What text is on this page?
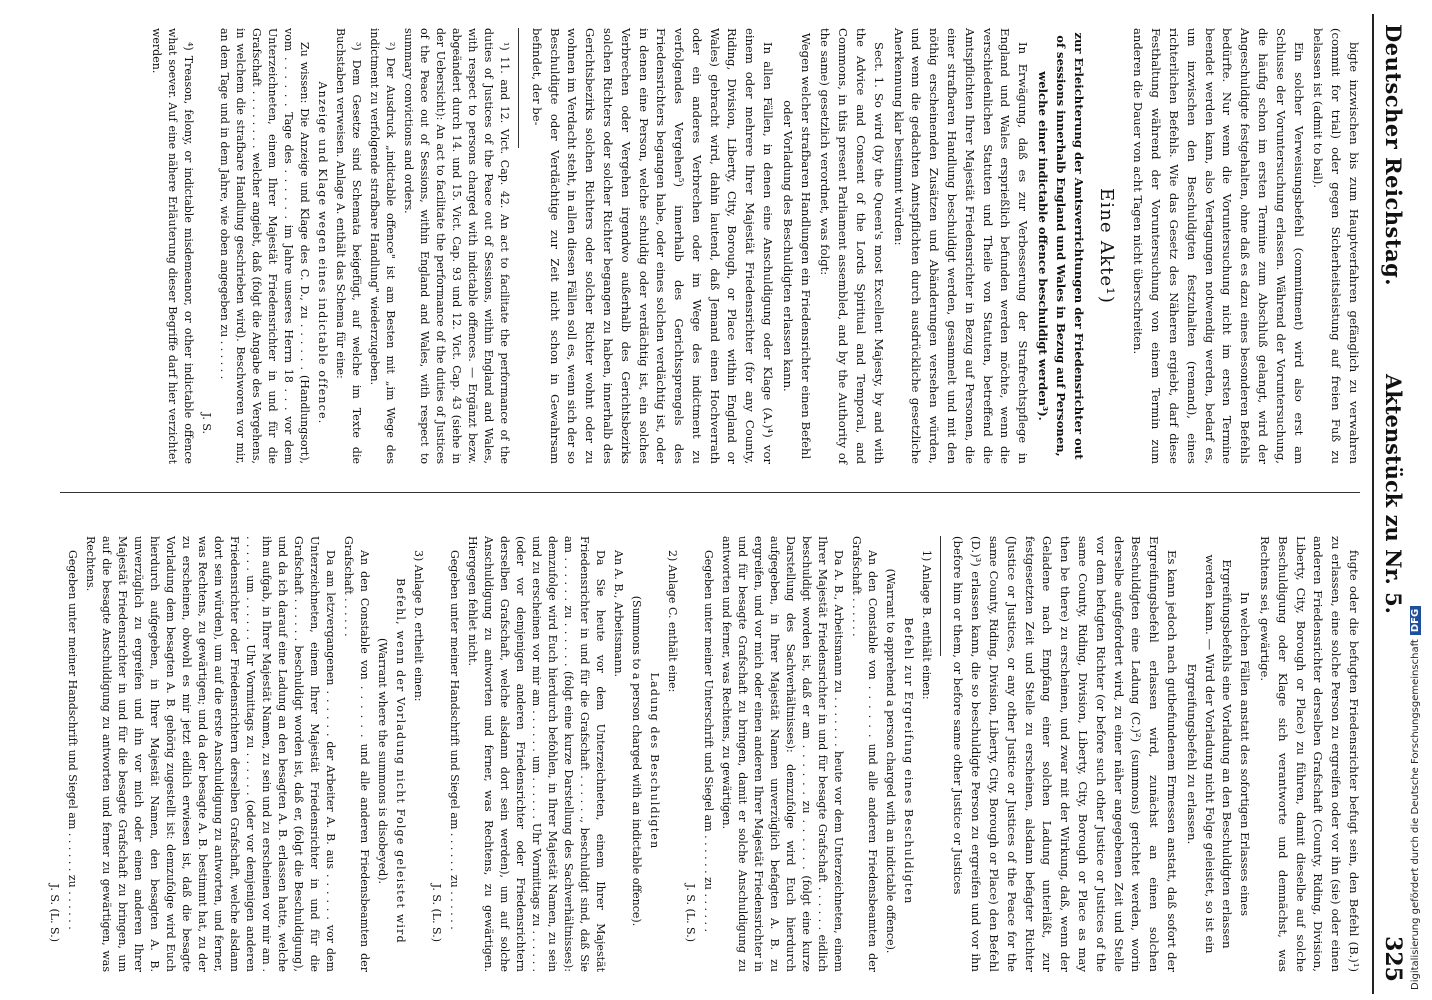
Deutscher Reichstag.
Aktenstück zu Nr. 5.
325

bigte inzwischen bis zum Hauptverfahren gefänglich zu verwahren (commit for trial) oder gegen Sicherheitsleistung auf freien Fuß zu belassen ist (admit to bail).

Ein solcher Verweisungsbefehl (commitment) wird also erst am Schlusse der Voruntersuchung erlassen. Während der Voruntersuchung, die häufig schon im ersten Termine zum Abschluß gelangt, wird der Angeschuldigte festgehalten, ohne daß es dazu eines besonderen Befehls bedürfte. Nur wenn die Voruntersuchung nicht im ersten Termine beendet werden kann, also Vertagungen notwendig werden, bedarf es, um inzwischen den Beschuldigten festzuhalten (remand), eines richterlichen Befehls. Wie das Gesetz des Näheren ergiebt, darf diese Festhaltung während der Voruntersuchung von einem Termin zum anderen die Dauer von acht Tagen nicht überschreiten.

Eine Akte¹)

zur Erleichterung der Amtsverrichtungen der Friedensrichter out of sessions innerhalb England und Wales in Bezug auf Personen, welche einer indictable offence beschuldigt werden³).

In Erwägung, daß es zur Verbesserung der Strafrechtspflege in England und Wales ersprießlich befunden werden möchte, wenn die verschiedenlichen Statuten und Theile von Statuten, betreffend die Amtspflichten Ihrer Majestät Friedensrichter in Bezug auf Personen, die einer strafbaren Handlung beschuldigt werden, gesammelt und mit den nöthig erscheinenden Zusätzen und Abänderungen versehen würden, und wenn die gedachten Amtspflichten durch ausdrückliche gesetzliche Anerkennung klar bestimmt würden:

Sect. 1. So wird (by the Queen's most Excellent Majesty, by and with the Advice and Consent of the Lords Spiritual and Temporal, and Commons, in this present Parliament assembled, and by the Authority of the same) gesetzlich verordnet, was folgt:

Wegen welcher strafbaren Handlungen ein Friedensrichter einen Befehl oder Vorladung des Beschuldigten erlassen kann.

In allen Fällen, in denen eine Anschuldigung oder Klage (A.)⁴) vor einem oder mehrere Ihrer Majestät Friedensrichter (for any County, Riding, Division, Liberty, City, Borough, or Place within England or Wales) gebracht wird, dahin lautend, daß Jemand einen Hochverrath oder ein anderes Verbrechen oder im Wege des indictment zu verfolgendes Vergehen⁵) innerhalb des Gerichtssprengels des Friedensrichters begangen habe, oder eines solchen verdächtig ist, oder in denen eine Person, welche schuldig oder verdächtig ist, ein solches Verbrechen oder Vergehen irgendwo außerhalb des Gerichtsbezirks solchen Richters oder solcher Richter begangen zu haben, innerhalb des Gerichtsbezirks solchen Richters oder solcher Richter wohnt oder zu wohnen im Verdacht steht, in allen diesen Fällen soll es, wenn sich der so Beschuldigte oder Verdächtige zur Zeit nicht schon in Gewahrsam befindet, der be-

¹) 11. and 12. Vict. Cap. 42. An act to facilitate the performance of the duties of Justices of the Peace out of Sessions, within England and Wales, with respect to persons charged with indictable offences. — Ergänzt bezw. abgeändert durch 14. und 15. Vict. Cap. 93 und 12. Vict. Cap. 43 (siehe in der Uebersicht): An act to facilitate the performance of the duties of Justices of the Peace out of Sessions, within England and Wales, with respect to summary convictions and orders.

²) Der Ausdruck „indictable offence" ist am Besten mit „im Wege des indictment zu verfolgende strafbare Handlung" wiederzugeben.

³) Dem Gesetze sind Schemata beigefügt, auf welche im Texte die Buchstaben verweisen. Anlage A. enthält das Schema für eine:

Anzeige und Klage wegen eines indictable offence.

Zu wissen: Die Anzeige und Klage des C. D., zu . . . . . . (Handlungsort), vom . . . . . . Tage des . . . . . . im Jahre unseres Herrn 18 . . . vor dem Unterzeichneten, einem Ihrer Majestät Friedensrichter in und für die Grafschaft . . . . . . . . welcher angiebt, daß (folgt die Angabe des Vergehens, in welchem die strafbare Handlung geschrieben wird). Beschworen vor mir, an dem Tage und in dem Jahre, wie oben angegeben zu . . . . . .

J. S.

⁴) Treason, felony, or indictable misdemeanor, or other indictable offence what soever. Auf eine nähere Erläuterung dieser Begriffe darf hier verzichtet werden.

fugte oder die befugten Friedensrichter befugt sein, den Befehl (B.)¹) zu erlassen, eine solche Person zu ergreifen oder vor ihn (sie) oder einen anderen Friedensrichter derselben Grafschaft (County, Riding, Division, Liberty, City, Borough or Place) zu führen, damit dieselbe auf solche Beschuldigung oder Klage sich verantworte und demnächst, was Rechtens sei, gewärtige.

In welchen Fällen anstatt des sofortigen Erlasses eines Ergreifungsbefehls eine Vorladung an den Beschuldigten erlassen werden kann. — Wird der Vorladung nicht Folge geleistet, so ist ein Ergreifungsbefehl zu erlassen.

Es kann jedoch nach gutbefundenem Ermessen anstatt, daß sofort der Ergreifungsbefehl erlassen wird, zunächst an einen solchen Beschuldigten eine Ladung (C.)²) (summons) gerichtet werden, worin derselbe aufgefordert wird, zu einer näher angegebenen Zeit und Stelle vor dem befugten Richter (or before such other Justice or Justices of the same County, Riding, Division, Liberty, City, Borough or Place as may then be there) zu erscheinen, und zwar mit der Wirkung, daß, wenn der Geladene nach Empfang einer solchen Ladung unterläßt, zur festgesetzten Zeit und Stelle zu erscheinen, alsdann befagter Richter (Justice or Justices, or any other Justice or Justices of the Peace for the same County, Riding, Division, Liberty, City, Borough or Place) den Befehl (D.)³) erlassen kann, die so beschuldigte Person zu ergreifen und vor ihn (before him or them, or before same other Justice or Justices

1) Anlage B. enthält einen:

Befehl zur Ergreifung eines Beschuldigten

(Warrant to apprehend a person charged with an indictable offence).

An den Constable von . . . . . . und alle anderen Friedensbeamten der Grafschaft . . . . . .

Da A. B., Arbeitsmann zu . . . . . . . heute vor dem Unterzeichneten, einem Ihrer Majestät Friedensrichter in und für besagte Grafschaft . . . . . . eidlich beschuldigt worden ist, daß er am . . . . . . zu . . . . . . (folgt eine kurze Darstellung des Sachverhältnisses): demzufolge wird Euch hierdurch aufgegeben, in Ihrer Majestät Namen unverzüglich befagten A. B. zu ergreifen, und vor mich oder einen anderen Ihrer Majestät Friedensrichter in und für besagte Grafschaft zu bringen, damit er solche Anschuldigung zu antworten und ferner, was Rechtens, zu gewärtigen.

Gegeben unter meiner Unterschrift und Siegel am . . . . . . zu . . . . . .

J. S. (L. S.)

2) Anlage C. enthält eine:

Ladung des Beschuldigten

(Summons to a person charged with an indictable offence).

An A. B., Arbeitsmann.

Da Sie heute vor dem Unterzeichneten, einem Ihrer Majestät Friedensrichter in und für die Grafschaft . . . . . ., beschuldigt sind, daß Sie am . . . . . . zu . . . . . . (folgt eine kurze Darstellung des Sachverhältnisses): demzufolge wird Euch hierdurch befohlen, in Ihrer Majestät Namen, zu sein und zu erscheinen vor mir am . . . . . . um . . . . . . Uhr Vormittags zu . . . . . . (oder vor demjenigen anderen Friedensrichter oder Friedensrichtern derselben Grafschaft, welche alsdann dort sein werden), um auf solche Anschuldigung zu antworten und ferner, was Rechtens, zu gewärtigen. Hiergegen fehlet nicht.

Gegeben unter meiner Handschrift und Siegel am . . . . . . zu . . . . . .

J. S. (L. S.)

3) Anlage D. ertheilt einen:

Befehl, wenn der Vorladung nicht Folge geleistet wird

(Warrant where the summons is disobeyed).

An den Constable von . . . . . . und alle anderen Friedensbeamten der Grafschaft . . . . . .

Da am letzvergangenen . . . . . . der Arbeiter A. B. aus . . . . . . vor dem Unterzeichneten, einem Ihrer Majestät Friedensrichter in und für die Grafschaft . . . . . . beschuldigt worden ist, daß er, (folgt die Beschuldigung), und da ich darauf eine Ladung an den besagten A. B. erlassen hatte, welche ihm aufgab, in Ihrer Majestät Namen, zu sein und zu erscheinen vor mir am . . . . . . um . . . . . . Uhr Vormittags zu . . . . . . (oder vor demjenigen anderen Friedensrichter oder Friedensrichtern derselben Grafschaft, welche alsdann dort sein würden), um auf die erste Anschuldigung zu antworten, und ferner, was Rechtens, zu gewärtigen; und da der besagte A. B. bestimmt hat, zu der zu erscheinen, obwohl es mir jetzt eidlich erwiesen ist, daß die besagte Vorladung dem besagten A. B. gehörig zugestellt ist: demzufolge wird Euch hierdurch aufgegeben, in Ihrer Majestät Namen, den besagten A. B. unverzüglich zu ergreifen und ihn vor mich oder einen anderen Ihrer Majestät Friedensrichter in und für die besagte Grafschaft zu bringen, um auf die besagte Anschuldigung zu antworten und ferner zu gewärtigen, was Rechtens.

Gegeben unter meiner Handschrift und Siegel am . . . . . . zu . . . . . .

J. S. (L. S.)	Digitalisierung gefördert durch die Deutsche ForschungsgemeinschaftDFG
